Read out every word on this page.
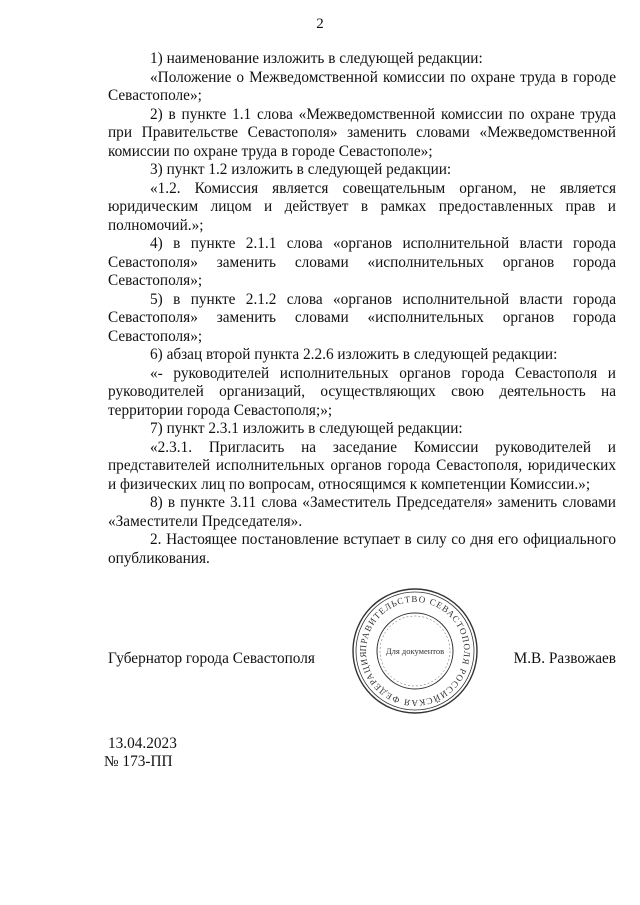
2

1) наименование изложить в следующей редакции:

«Положение о Межведомственной комиссии по охране труда в городе Севастополе»;

2) в пункте 1.1 слова «Межведомственной комиссии по охране труда при Правительстве Севастополя» заменить словами «Межведомственной комиссии по охране труда в городе Севастополе»;

3) пункт 1.2 изложить в следующей редакции:

«1.2. Комиссия является совещательным органом, не является юридическим лицом и действует в рамках предоставленных прав и полномочий.»;

4) в пункте 2.1.1 слова «органов исполнительной власти города Севастополя» заменить словами «исполнительных органов города Севастополя»;

5) в пункте 2.1.2 слова «органов исполнительной власти города Севастополя» заменить словами «исполнительных органов города Севастополя»;

6) абзац второй пункта 2.2.6 изложить в следующей редакции:

«- руководителей исполнительных органов города Севастополя и руководителей организаций, осуществляющих свою деятельность на территории города Севастополя;»;

7) пункт 2.3.1 изложить в следующей редакции:

«2.3.1. Пригласить на заседание Комиссии руководителей и представителей исполнительных органов города Севастополя, юридических и физических лиц по вопросам, относящимся к компетенции Комиссии.»;

8) в пункте 3.11 слова «Заместитель Председателя» заменить словами «Заместители Председателя».

2. Настоящее постановление вступает в силу со дня его официального опубликования.

Губернатор города Севастополя	М.В. Развожаев
ПРАВИТЕЛЬСТВО СЕВАСТОПОЛЯ РОССИЙСКАЯ ФЕДЕРАЦИЯ	Для документов
13.04.2023
№ 173-ПП
